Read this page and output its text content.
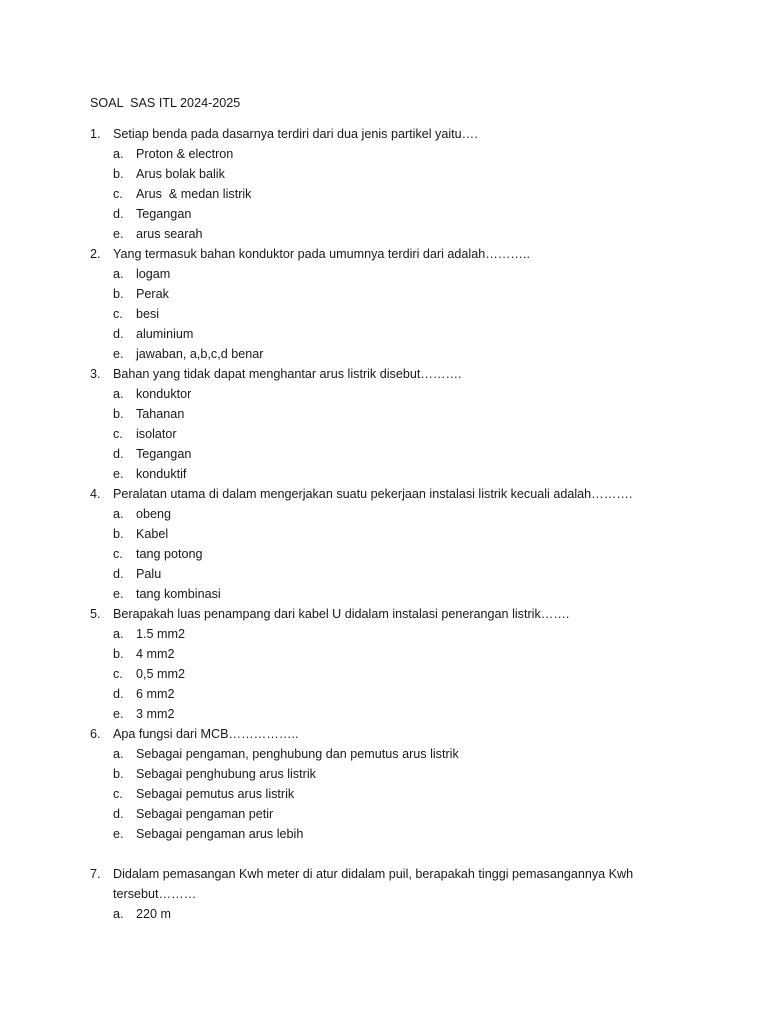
SOAL  SAS ITL 2024-2025
1. Setiap benda pada dasarnya terdiri dari dua jenis partikel yaitu….
a. Proton & electron
b. Arus bolak balik
c.	Arus  & medan listrik
d. Tegangan
e. arus searah
2. Yang termasuk bahan konduktor pada umumnya terdiri dari adalah………..
a. logam
b. Perak
c.	besi
d. aluminium
e. jawaban, a,b,c,d benar
3. Bahan yang tidak dapat menghantar arus listrik disebut……….
a. konduktor
b. Tahanan
c.	isolator
d. Tegangan
e. konduktif
4. Peralatan utama di dalam mengerjakan suatu pekerjaan instalasi listrik kecuali adalah……….
a. obeng
b. Kabel
c.	tang potong
d. Palu
e. tang kombinasi
5. Berapakah luas penampang dari kabel U didalam instalasi penerangan listrik…….
a. 1.5 mm2
b. 4 mm2
c.	0,5 mm2
d. 6 mm2
e. 3 mm2
6. Apa fungsi dari MCB……………..
a. Sebagai pengaman, penghubung dan pemutus arus listrik
b. Sebagai penghubung arus listrik
c.	Sebagai pemutus arus listrik
d. Sebagai pengaman petir
e. Sebagai pengaman arus lebih
7. Didalam pemasangan Kwh meter di atur didalam puil, berapakah tinggi pemasangannya Kwh tersebut………
a. 220 m
